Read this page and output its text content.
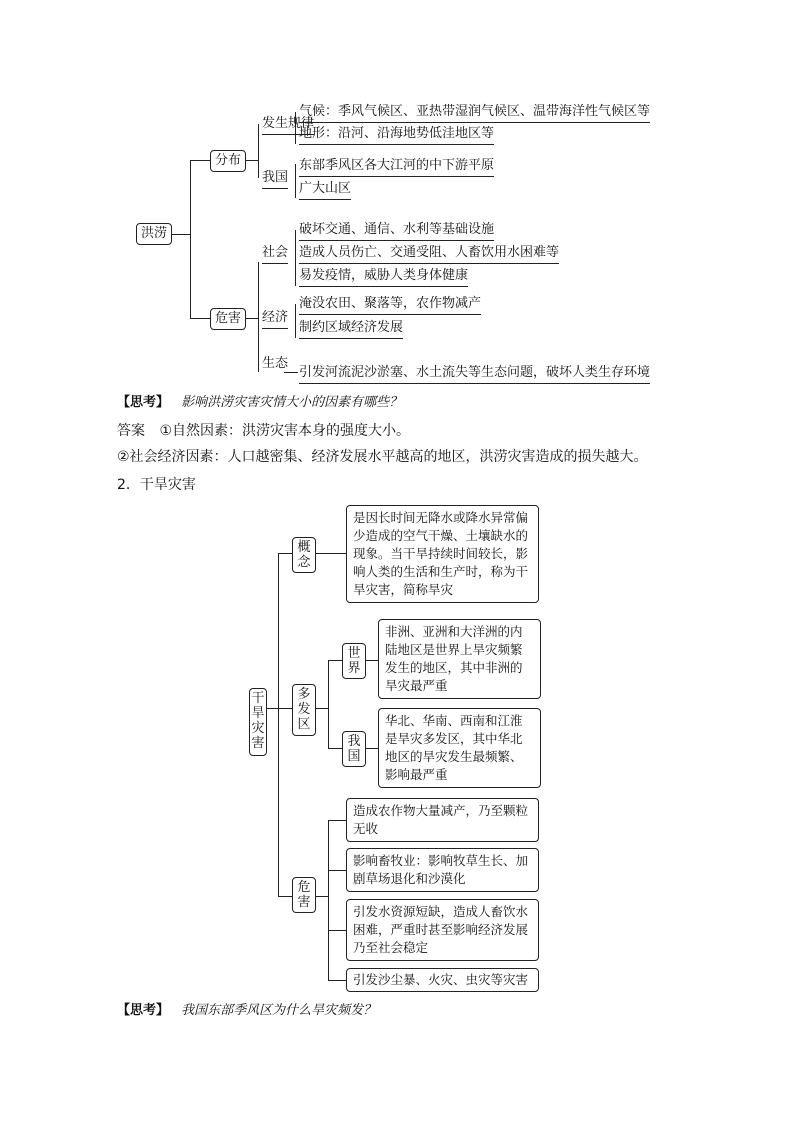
洪涝
分布
危害
发生规律
气候：季风气候区、亚热带湿润气候区、温带海洋性气候区等
地形：沿河、沿海地势低洼地区等
我国
东部季风区各大江河的中下游平原
广大山区
社会
破坏交通、通信、水利等基础设施
造成人员伤亡、交通受阻、人畜饮用水困难等
易发疫情，威胁人类身体健康
经济
淹没农田、聚落等，农作物减产
制约区域经济发展
生态
引发河流泥沙淤塞、水土流失等生态问题，破坏人类生存环境
【思考】 影响洪涝灾害灾情大小的因素有哪些？
答案 ①自然因素：洪涝灾害本身的强度大小。
②社会经济因素：人口越密集、经济发展水平越高的地区，洪涝灾害造成的损失越大。
2．干旱灾害
干旱灾害
概念
多发区
世界
我国
危害
是因长时间无降水或降水异常偏少造成的空气干燥、土壤缺水的现象。当干旱持续时间较长，影响人类的生活和生产时，称为干旱灾害，简称旱灾
非洲、亚洲和大洋洲的内陆地区是世界上旱灾频繁发生的地区，其中非洲的旱灾最严重
华北、华南、西南和江淮是旱灾多发区，其中华北地区的旱灾发生最频繁、影响最严重
造成农作物大量减产，乃至颗粒无收
影响畜牧业：影响牧草生长、加剧草场退化和沙漠化
引发水资源短缺，造成人畜饮水困难，严重时甚至影响经济发展乃至社会稳定
引发沙尘暴、火灾、虫灾等灾害
【思考】 我国东部季风区为什么旱灾频发？
